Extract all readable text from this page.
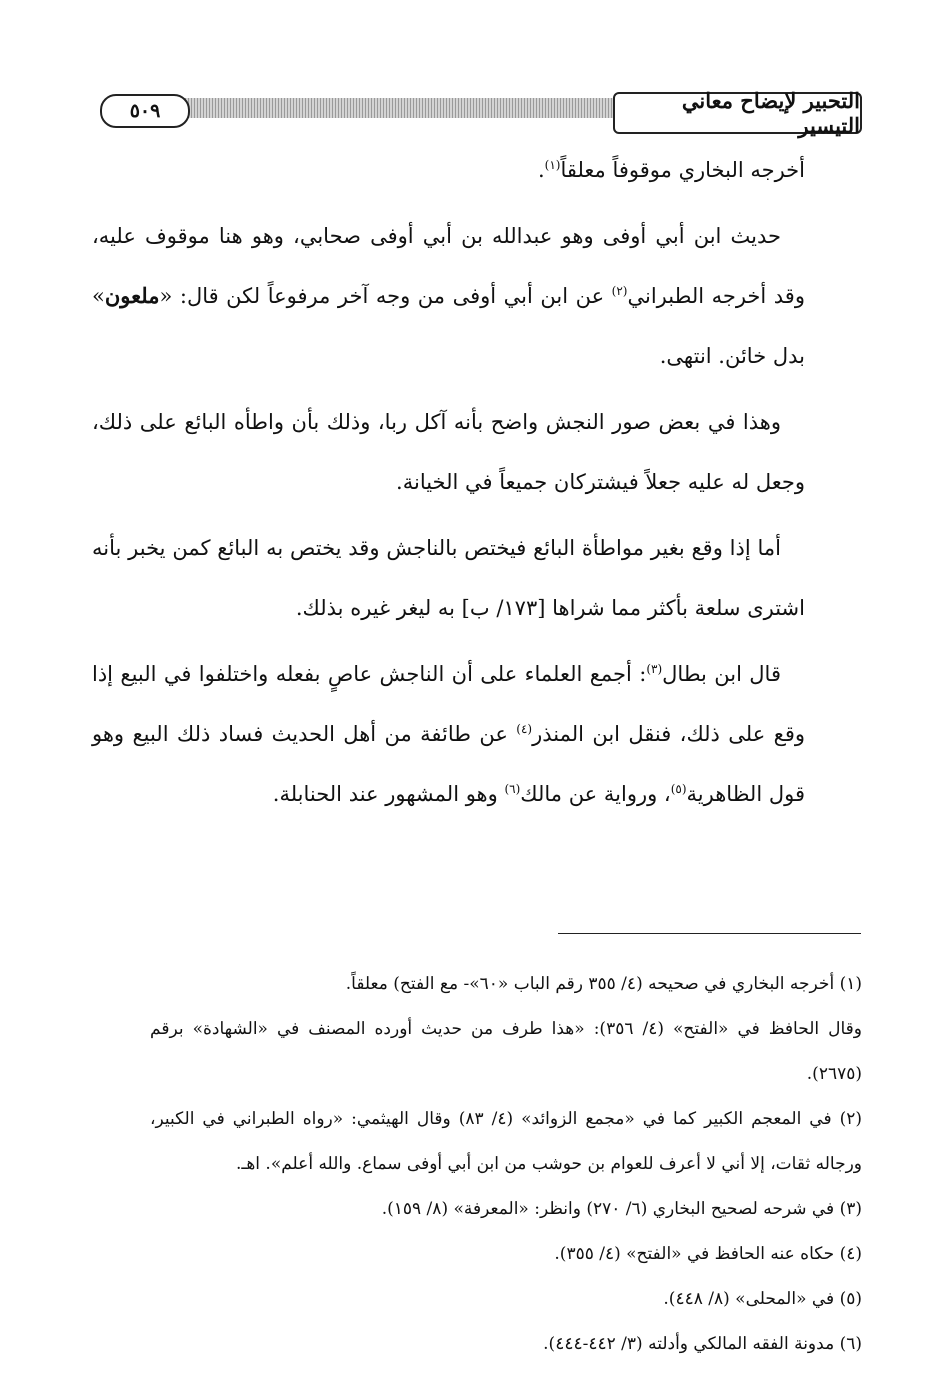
٥٠٩	التحبير لإيضاح معاني التيسير

أخرجه البخاري موقوفاً معلقاً$^{(١)}$.

حديث ابن أبي أوفى وهو عبدالله بن أبي أوفى صحابي، وهو هنا موقوف عليه، وقد أخرجه الطبراني$^{(٢)}$ عن ابن أبي أوفى من وجه آخر مرفوعاً لكن قال: «ملعون» بدل خائن. انتهى.

وهذا في بعض صور النجش واضح بأنه آكل ربا، وذلك بأن واطأه البائع على ذلك، وجعل له عليه جعلاً فيشتركان جميعاً في الخيانة.

أما إذا وقع بغير مواطأة البائع فيختص بالناجش وقد يختص به البائع كمن يخبر بأنه اشترى سلعة بأكثر مما شراها [١٧٣/ ب] به ليغر غيره بذلك.

قال ابن بطال$^{(٣)}$: أجمع العلماء على أن الناجش عاصٍ بفعله واختلفوا في البيع إذا وقع على ذلك، فنقل ابن المنذر$^{(٤)}$ عن طائفة من أهل الحديث فساد ذلك البيع وهو قول الظاهرية$^{(٥)}$، ورواية عن مالك$^{(٦)}$ وهو المشهور عند الحنابلة.

(١) أخرجه البخاري في صحيحه (٤/ ٣٥٥ رقم الباب «٦٠»- مع الفتح) معلقاً.

وقال الحافظ في «الفتح» (٤/ ٣٥٦): «هذا طرف من حديث أورده المصنف في «الشهادة» برقم (٢٦٧٥).

(٢) في المعجم الكبير كما في «مجمع الزوائد» (٤/ ٨٣) وقال الهيثمي: «رواه الطبراني في الكبير، ورجاله ثقات، إلا أني لا أعرف للعوام بن حوشب من ابن أبي أوفى سماع. والله أعلم». اهـ.

(٣) في شرحه لصحيح البخاري (٦/ ٢٧٠) وانظر: «المعرفة» (٨/ ١٥٩).

(٤) حكاه عنه الحافظ في «الفتح» (٤/ ٣٥٥).

(٥) في «المحلى» (٨/ ٤٤٨).

(٦) مدونة الفقه المالكي وأدلته (٣/ ٤٤٢-٤٤٤).
